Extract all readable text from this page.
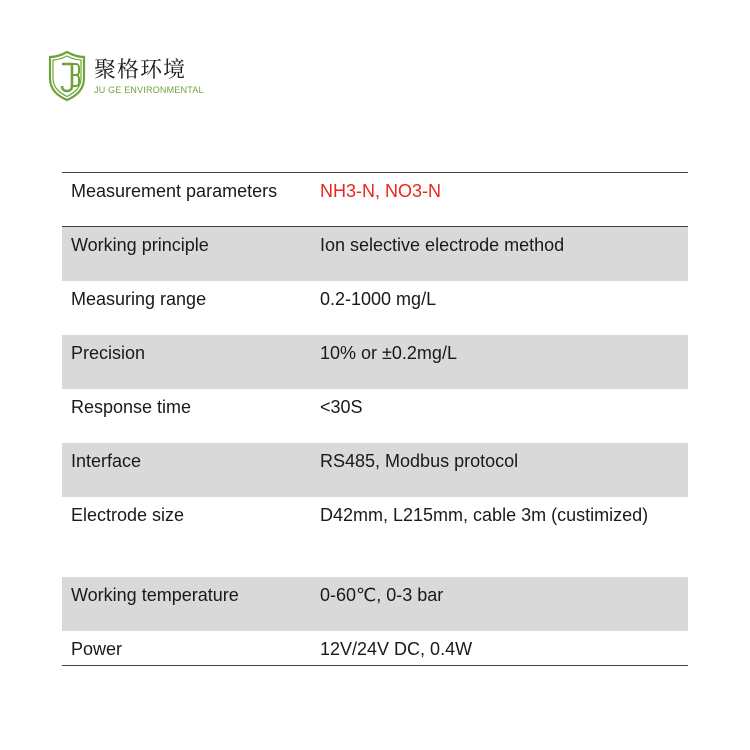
聚格环境
JU GE ENVIRONMENTAL
Measurement parameters	NH3-N, NO3-N
Working principle	Ion selective electrode method
Measuring range	0.2-1000 mg/L
Precision	10% or ±0.2mg/L
Response time	<30S
Interface	RS485, Modbus protocol
Electrode size	D42mm, L215mm, cable 3m (custimized)
Working temperature	0-60℃, 0-3 bar
Power	12V/24V DC, 0.4W
